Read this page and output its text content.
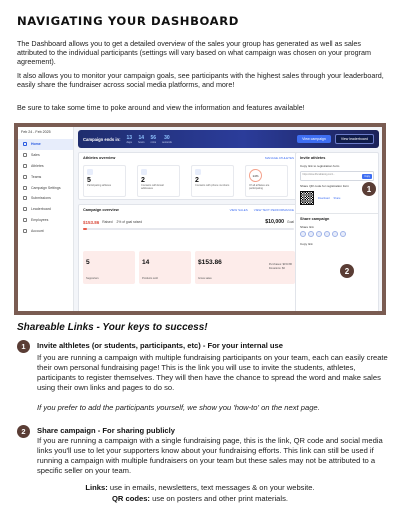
NAVIGATING YOUR DASHBOARD

The Dashboard allows you to get a detailed overview of the sales your group has generated as well as sales attributed to the individual participants (settings will vary based on what campaign was chosen on your program agreement).

It also allows you to monitor your campaign goals, see participants with the highest sales through your leaderboard, easily share the fundraiser across social media platforms, and more!

Be sure to take some time to poke around and view the information and features available!

Feb 24 - Feb 2025
Home
Sales
Athletes
Teams
Campaign Settings
Submissions
Leaderboard
Employees
Account
Campaign ends in: 13
days
14
hours
56
mins
30
seconds
View campaign	View leaderboard
Athletes overview	MANAGE ATHLETES
5
Participating athletes
2
Contacts with Email addresses
2
Contacts with phone numbers
14%
Of all athletes are participating
Campaign overview	VIEW SALES VIEW TEXT PERFORMANCE
$153.86 Raised 2% of goal raised	$10,000 Goal
5
Supporters
14
Products sold
$153.86
Gross sales
Purchases: $153.86
Donations: $0
Invite athletes
Copy link to registration form
https://www.hfundraising.com/...
Copy
Share QR code for registration form
Download Share
Share campaign
Share link
Copy link
1
2
Shareable Links - Your keys to success!
1	Invite althletes (or students, participants, etc) - For your internal use

If you are running a campaign with multiple fundraising participants on your team, each can easily create their own personal fundraising page! This is the link you will use to invite the students, athletes, participants to register themselves. They will then have the chance to spread the word and make sales using their own links and pages to do so.

If you prefer to add the participants yourself, we show you 'how-to' on the next page.

2	Share campaign - For sharing publicly

If you are running a campaign with a single fundraising page, this is the link, QR code and social media links you'll use to let your supporters know about your fundraising efforts. This link can still be used if running a campaign with multiple fundraisers on your team but these sales may not be attributed to a specific seller on your team.

Links: use in emails, newsletters, text messages & on your website.
QR codes: use on posters and other print materials.
